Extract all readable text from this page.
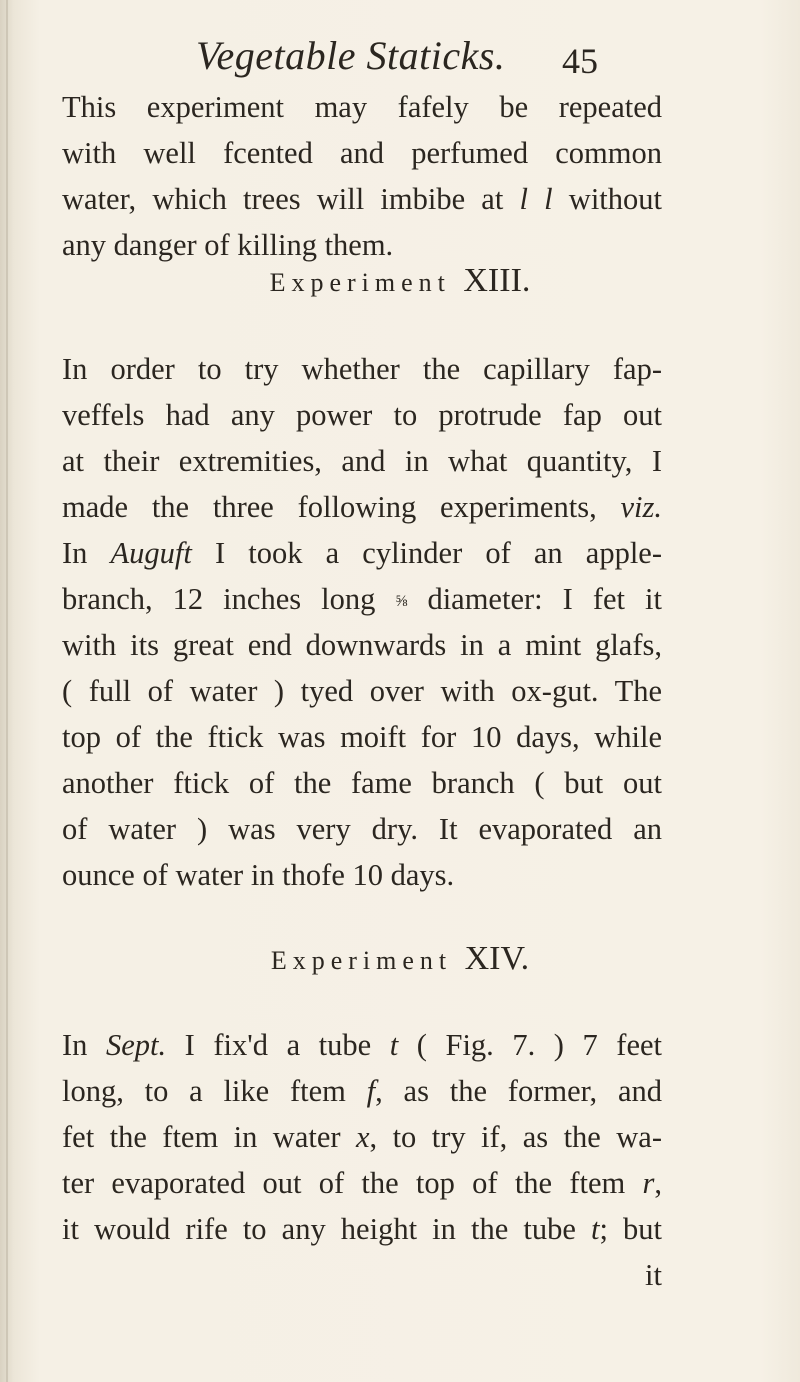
Vegetable Staticks. 45
This experiment may fafely be repeated
with well fcented and perfumed common
water, which trees will imbibe at l l without
any danger of killing them.
Experiment XIII.
In order to try whether the capillary fap-
veffels had any power to protrude fap out
at their extremities, and in what quantity, I
made the three following experiments, viz.
In Auguft I took a cylinder of an apple-
branch, 12 inches long ⅝ diameter: I fet it
with its great end downwards in a mint glafs,
( full of water ) tyed over with ox-gut. The
top of the ftick was moift for 10 days, while
another ftick of the fame branch ( but out
of water ) was very dry. It evaporated an
ounce of water in thofe 10 days.
Experiment XIV.
In Sept. I fix'd a tube t ( Fig. 7. ) 7 feet
long, to a like ftem f, as the former, and
fet the ftem in water x, to try if, as the wa-
ter evaporated out of the top of the ftem r,
it would rife to any height in the tube t; but
it
